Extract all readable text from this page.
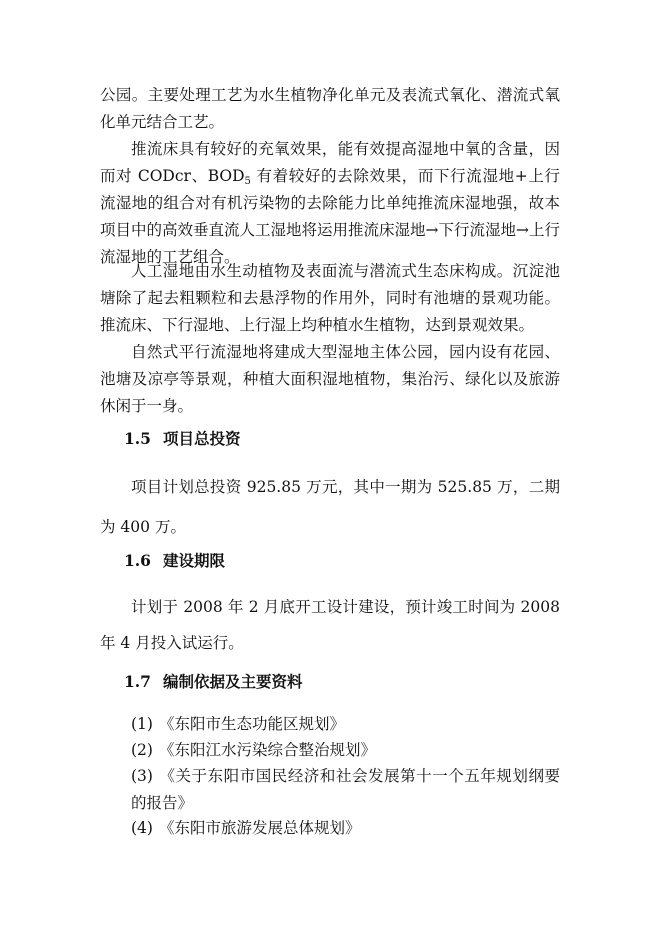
公园。主要处理工艺为水生植物净化单元及表流式氧化、潜流式氧化单元结合工艺。

推流床具有较好的充氧效果，能有效提高湿地中氧的含量，因而对 CODcr、$BOD_5$ 有着较好的去除效果，而下行流湿地+上行流湿地的组合对有机污染物的去除能力比单纯推流床湿地强，故本项目中的高效垂直流人工湿地将运用推流床湿地→下行流湿地→上行流湿地的工艺组合。

人工湿地由水生动植物及表面流与潜流式生态床构成。沉淀池塘除了起去粗颗粒和去悬浮物的作用外，同时有池塘的景观功能。推流床、下行湿地、上行湿上均种植水生植物，达到景观效果。

自然式平行流湿地将建成大型湿地主体公园，园内设有花园、池塘及凉亭等景观，种植大面积湿地植物，集治污、绿化以及旅游休闲于一身。

1.5 项目总投资

项目计划总投资 925.85 万元，其中一期为 525.85 万，二期为 400 万。

1.6 建设期限

计划于 2008 年 2 月底开工设计建设，预计竣工时间为 2008 年 4 月投入试运行。

1.7 编制依据及主要资料

(1) 《东阳市生态功能区规划》

(2) 《东阳江水污染综合整治规划》

(3) 《关于东阳市国民经济和社会发展第十一个五年规划纲要的报告》

(4) 《东阳市旅游发展总体规划》
